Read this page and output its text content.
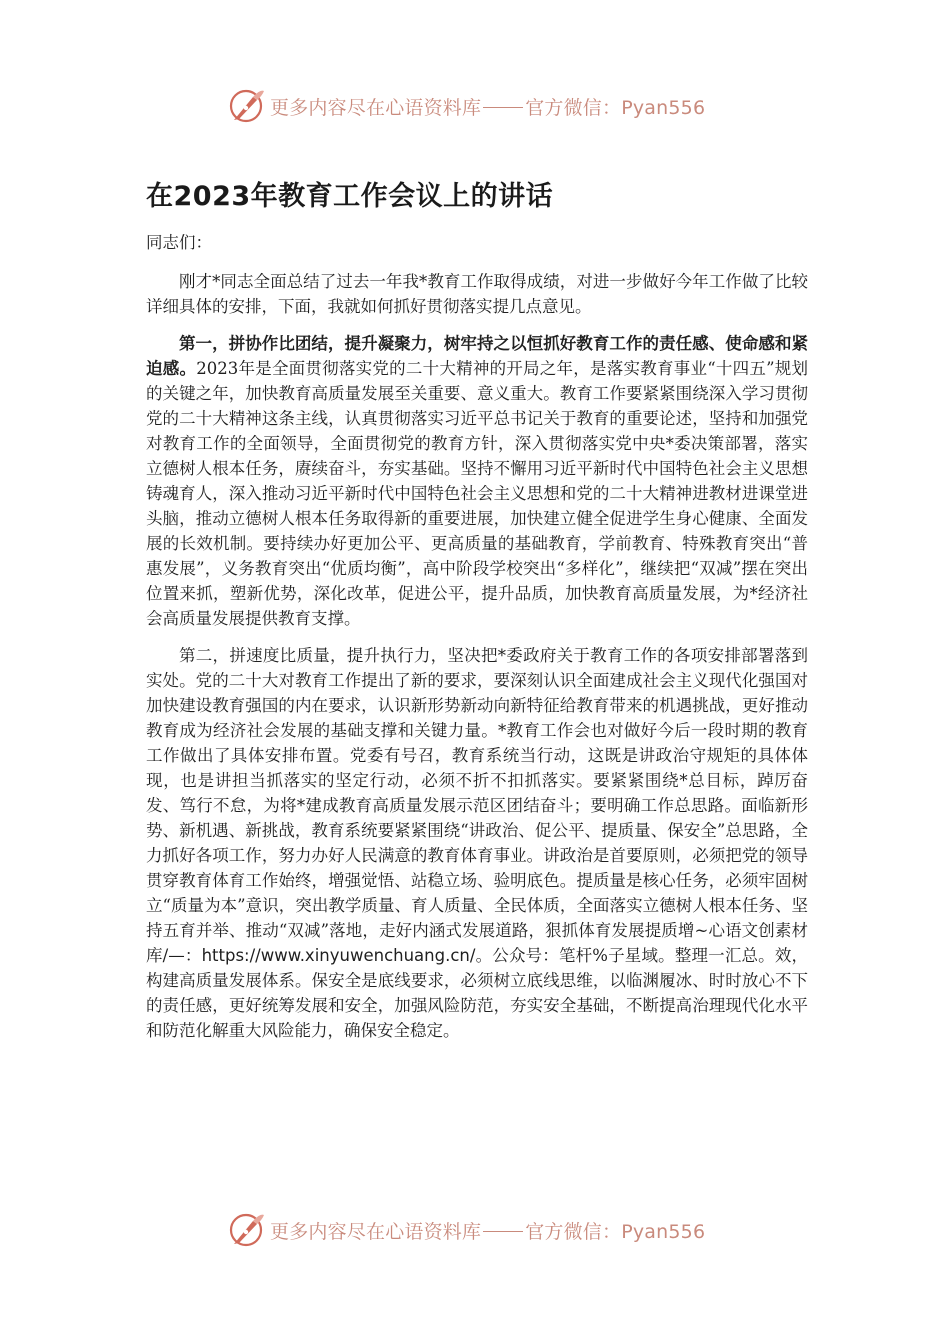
更多内容尽在心语资料库 官方微信：Pyan556
在2023年教育工作会议上的讲话

同志们：

刚才*同志全面总结了过去一年我*教育工作取得成绩，对进一步做好今年工作做了比较详细具体的安排，下面，我就如何抓好贯彻落实提几点意见。

第一，拼协作比团结，提升凝聚力，树牢持之以恒抓好教育工作的责任感、使命感和紧迫感。2023年是全面贯彻落实党的二十大精神的开局之年，是落实教育事业“十四五”规划的关键之年，加快教育高质量发展至关重要、意义重大。教育工作要紧紧围绕深入学习贯彻党的二十大精神这条主线，认真贯彻落实习近平总书记关于教育的重要论述，坚持和加强党对教育工作的全面领导，全面贯彻党的教育方针，深入贯彻落实党中央*委决策部署，落实立德树人根本任务，赓续奋斗，夯实基础。坚持不懈用习近平新时代中国特色社会主义思想铸魂育人，深入推动习近平新时代中国特色社会主义思想和党的二十大精神进教材进课堂进头脑，推动立德树人根本任务取得新的重要进展，加快建立健全促进学生身心健康、全面发展的长效机制。要持续办好更加公平、更高质量的基础教育，学前教育、特殊教育突出“普惠发展”，义务教育突出“优质均衡”，高中阶段学校突出“多样化”，继续把“双减”摆在突出位置来抓，塑新优势，深化改革，促进公平，提升品质，加快教育高质量发展，为*经济社会高质量发展提供教育支撑。

第二，拼速度比质量，提升执行力，坚决把*委政府关于教育工作的各项安排部署落到实处。党的二十大对教育工作提出了新的要求，要深刻认识全面建成社会主义现代化强国对加快建设教育强国的内在要求，认识新形势新动向新特征给教育带来的机遇挑战，更好推动教育成为经济社会发展的基础支撑和关键力量。*教育工作会也对做好今后一段时期的教育工作做出了具体安排布置。党委有号召，教育系统当行动，这既是讲政治守规矩的具体体现，也是讲担当抓落实的坚定行动，必须不折不扣抓落实。要紧紧围绕*总目标，踔厉奋发、笃行不怠，为将*建成教育高质量发展示范区团结奋斗；要明确工作总思路。面临新形势、新机遇、新挑战，教育系统要紧紧围绕“讲政治、促公平、提质量、保安全”总思路，全力抓好各项工作，努力办好人民满意的教育体育事业。讲政治是首要原则，必须把党的领导贯穿教育体育工作始终，增强觉悟、站稳立场、验明底色。提质量是核心任务，必须牢固树立“质量为本”意识，突出教学质量、育人质量、全民体质，全面落实立德树人根本任务、坚持五育并举、推动“双减”落地，走好内涵式发展道路，狠抓体育发展提质增~心语文创素材库/—：https://www.xinyuwenchuang.cn/。公众号：笔杆%子星域。整理一汇总。效，构建高质量发展体系。保安全是底线要求，必须树立底线思维，以临渊履冰、时时放心不下的责任感，更好统筹发展和安全，加强风险防范，夯实安全基础，不断提高治理现代化水平和防范化解重大风险能力，确保安全稳定。

更多内容尽在心语资料库 官方微信：Pyan556
